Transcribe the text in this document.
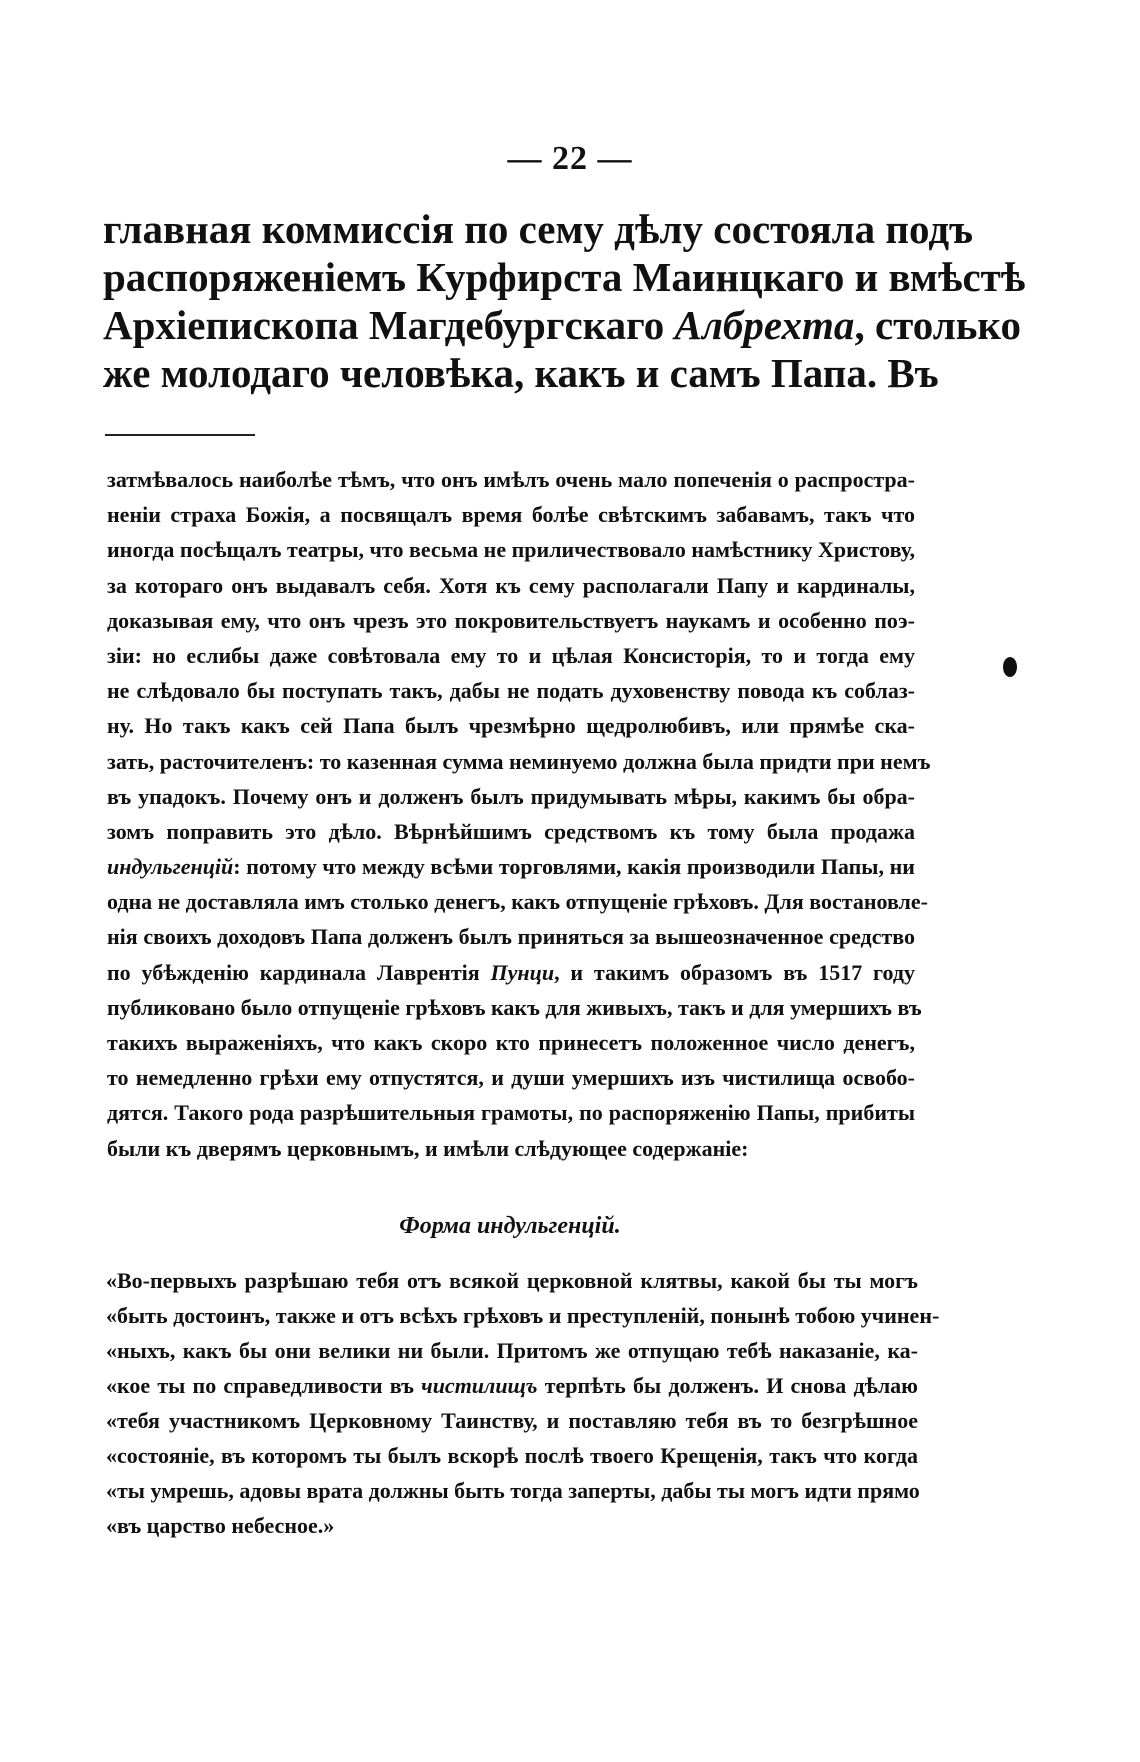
— 22 —
главная коммиссія по сему дѣлу состояла подъ
распоряженіемъ Курфирста Маинцкаго и вмѣстѣ
Архіепископа Магдебургскаго Албрехта, столько
же молодаго человѣка, какъ и самъ Папа. Въ
затмѣвалось наиболѣе тѣмъ, что онъ имѣлъ очень мало попеченія о распростра-
неніи страха Божія, а посвящалъ время болѣе свѣтскимъ забавамъ, такъ что
иногда посѣщалъ театры, что весьма не приличествовало намѣстнику Христову,
за котораго онъ выдавалъ себя. Хотя къ сему располагали Папу и кардиналы,
доказывая ему, что онъ чрезъ это покровительствуетъ наукамъ и особенно поэ-
зіи: но еслибы даже совѣтовала ему то и цѣлая Консисторія, то и тогда ему
не слѣдовало бы поступать такъ, дабы не подать духовенству повода къ соблаз-
ну. Но такъ какъ сей Папа былъ чрезмѣрно щедролюбивъ, или прямѣе ска-
зать, расточителенъ: то казенная сумма неминуемо должна была придти при немъ
въ упадокъ. Почему онъ и долженъ былъ придумывать мѣры, какимъ бы обра-
зомъ поправить это дѣло. Вѣрнѣйшимъ средствомъ къ тому была продажа
индульгенцій: потому что между всѣми торговлями, какія производили Папы, ни
одна не доставляла имъ столько денегъ, какъ отпущеніе грѣховъ. Для востановле-
нія своихъ доходовъ Папа долженъ былъ приняться за вышеозначенное средство
по убѣжденію кардинала Лаврентія Пунци, и такимъ образомъ въ 1517 году
публиковано было отпущеніе грѣховъ какъ для живыхъ, такъ и для умершихъ въ
такихъ выраженіяхъ, что какъ скоро кто принесетъ положенное число денегъ,
то немедленно грѣхи ему отпустятся, и души умершихъ изъ чистилища освобо-
дятся. Такого рода разрѣшительныя грамоты, по распоряженію Папы, прибиты
были къ дверямъ церковнымъ, и имѣли слѣдующее содержаніе:
Форма индульгенцій.
«Во-первыхъ разрѣшаю тебя отъ всякой церковной клятвы, какой бы ты могъ
«быть достоинъ, также и отъ всѣхъ грѣховъ и преступленій, понынѣ тобою учинен-
«ныхъ, какъ бы они велики ни были. Притомъ же отпущаю тебѣ наказаніе, ка-
«кое ты по справедливости въ чистилищъ терпѣть бы долженъ. И снова дѣлаю
«тебя участникомъ Церковному Таинству, и поставляю тебя въ то безгрѣшное
«состояніе, въ которомъ ты былъ вскорѣ послѣ твоего Крещенія, такъ что когда
«ты умрешь, адовы врата должны быть тогда заперты, дабы ты могъ идти прямо
«въ царство небесное.»
